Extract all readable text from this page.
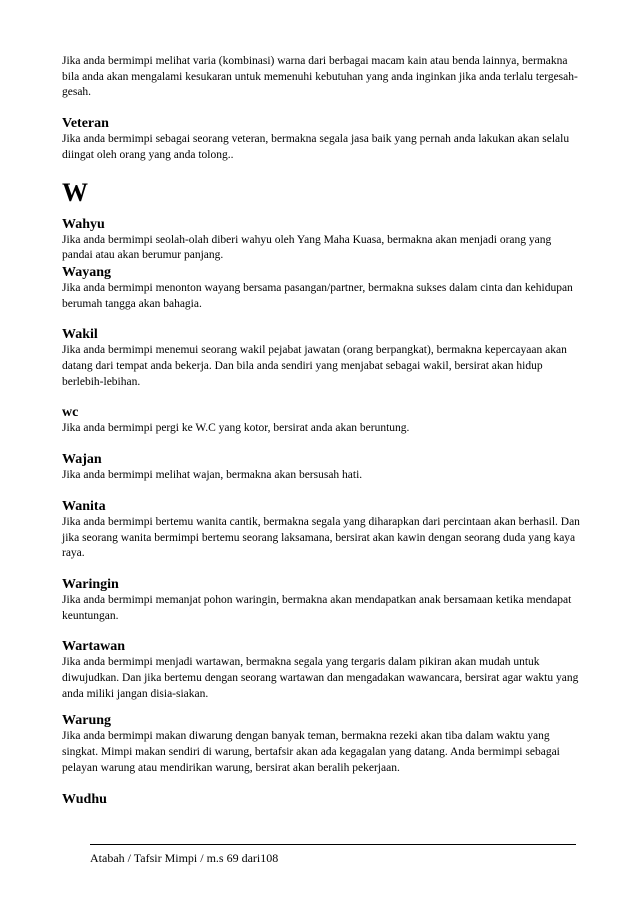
Jika anda bermimpi melihat varia (kombinasi) warna dari berbagai macam kain atau benda lainnya, bermakna bila anda akan mengalami kesukaran untuk memenuhi kebutuhan yang anda inginkan jika anda terlalu tergesah-gesah.

Veteran

Jika anda bermimpi sebagai seorang veteran, bermakna segala jasa baik yang pernah anda lakukan akan selalu diingat oleh orang yang anda tolong..

W

Wahyu

Jika anda bermimpi seolah-olah diberi wahyu oleh Yang Maha Kuasa, bermakna akan menjadi orang yang pandai atau akan berumur panjang.

Wayang

Jika anda bermimpi menonton wayang bersama pasangan/partner, bermakna sukses dalam cinta dan kehidupan berumah tangga akan bahagia.

Wakil

Jika anda bermimpi menemui seorang wakil pejabat jawatan (orang berpangkat), bermakna kepercayaan akan datang dari tempat anda bekerja. Dan bila anda sendiri yang menjabat sebagai wakil, bersirat akan hidup berlebih-lebihan.

wc

Jika anda bermimpi pergi ke W.C yang kotor, bersirat anda akan beruntung.

Wajan

Jika anda bermimpi melihat wajan, bermakna akan bersusah hati.

Wanita

Jika anda bermimpi bertemu wanita cantik, bermakna segala yang diharapkan dari percintaan akan berhasil. Dan jika seorang wanita bermimpi bertemu seorang laksamana, bersirat akan kawin dengan seorang duda yang kaya raya.

Waringin

Jika anda bermimpi memanjat pohon waringin, bermakna akan mendapatkan anak bersamaan ketika mendapat keuntungan.

Wartawan

Jika anda bermimpi menjadi wartawan, bermakna segala yang tergaris dalam pikiran akan mudah untuk diwujudkan. Dan jika bertemu dengan seorang wartawan dan mengadakan wawancara, bersirat agar waktu yang anda miliki jangan disia-siakan.

Warung

Jika anda bermimpi makan diwarung dengan banyak teman, bermakna rezeki akan tiba dalam waktu yang singkat. Mimpi makan sendiri di warung, bertafsir akan ada kegagalan yang datang. Anda bermimpi sebagai pelayan warung atau mendirikan warung, bersirat akan beralih pekerjaan.

Wudhu

Atabah / Tafsir Mimpi / m.s 69 dari108
